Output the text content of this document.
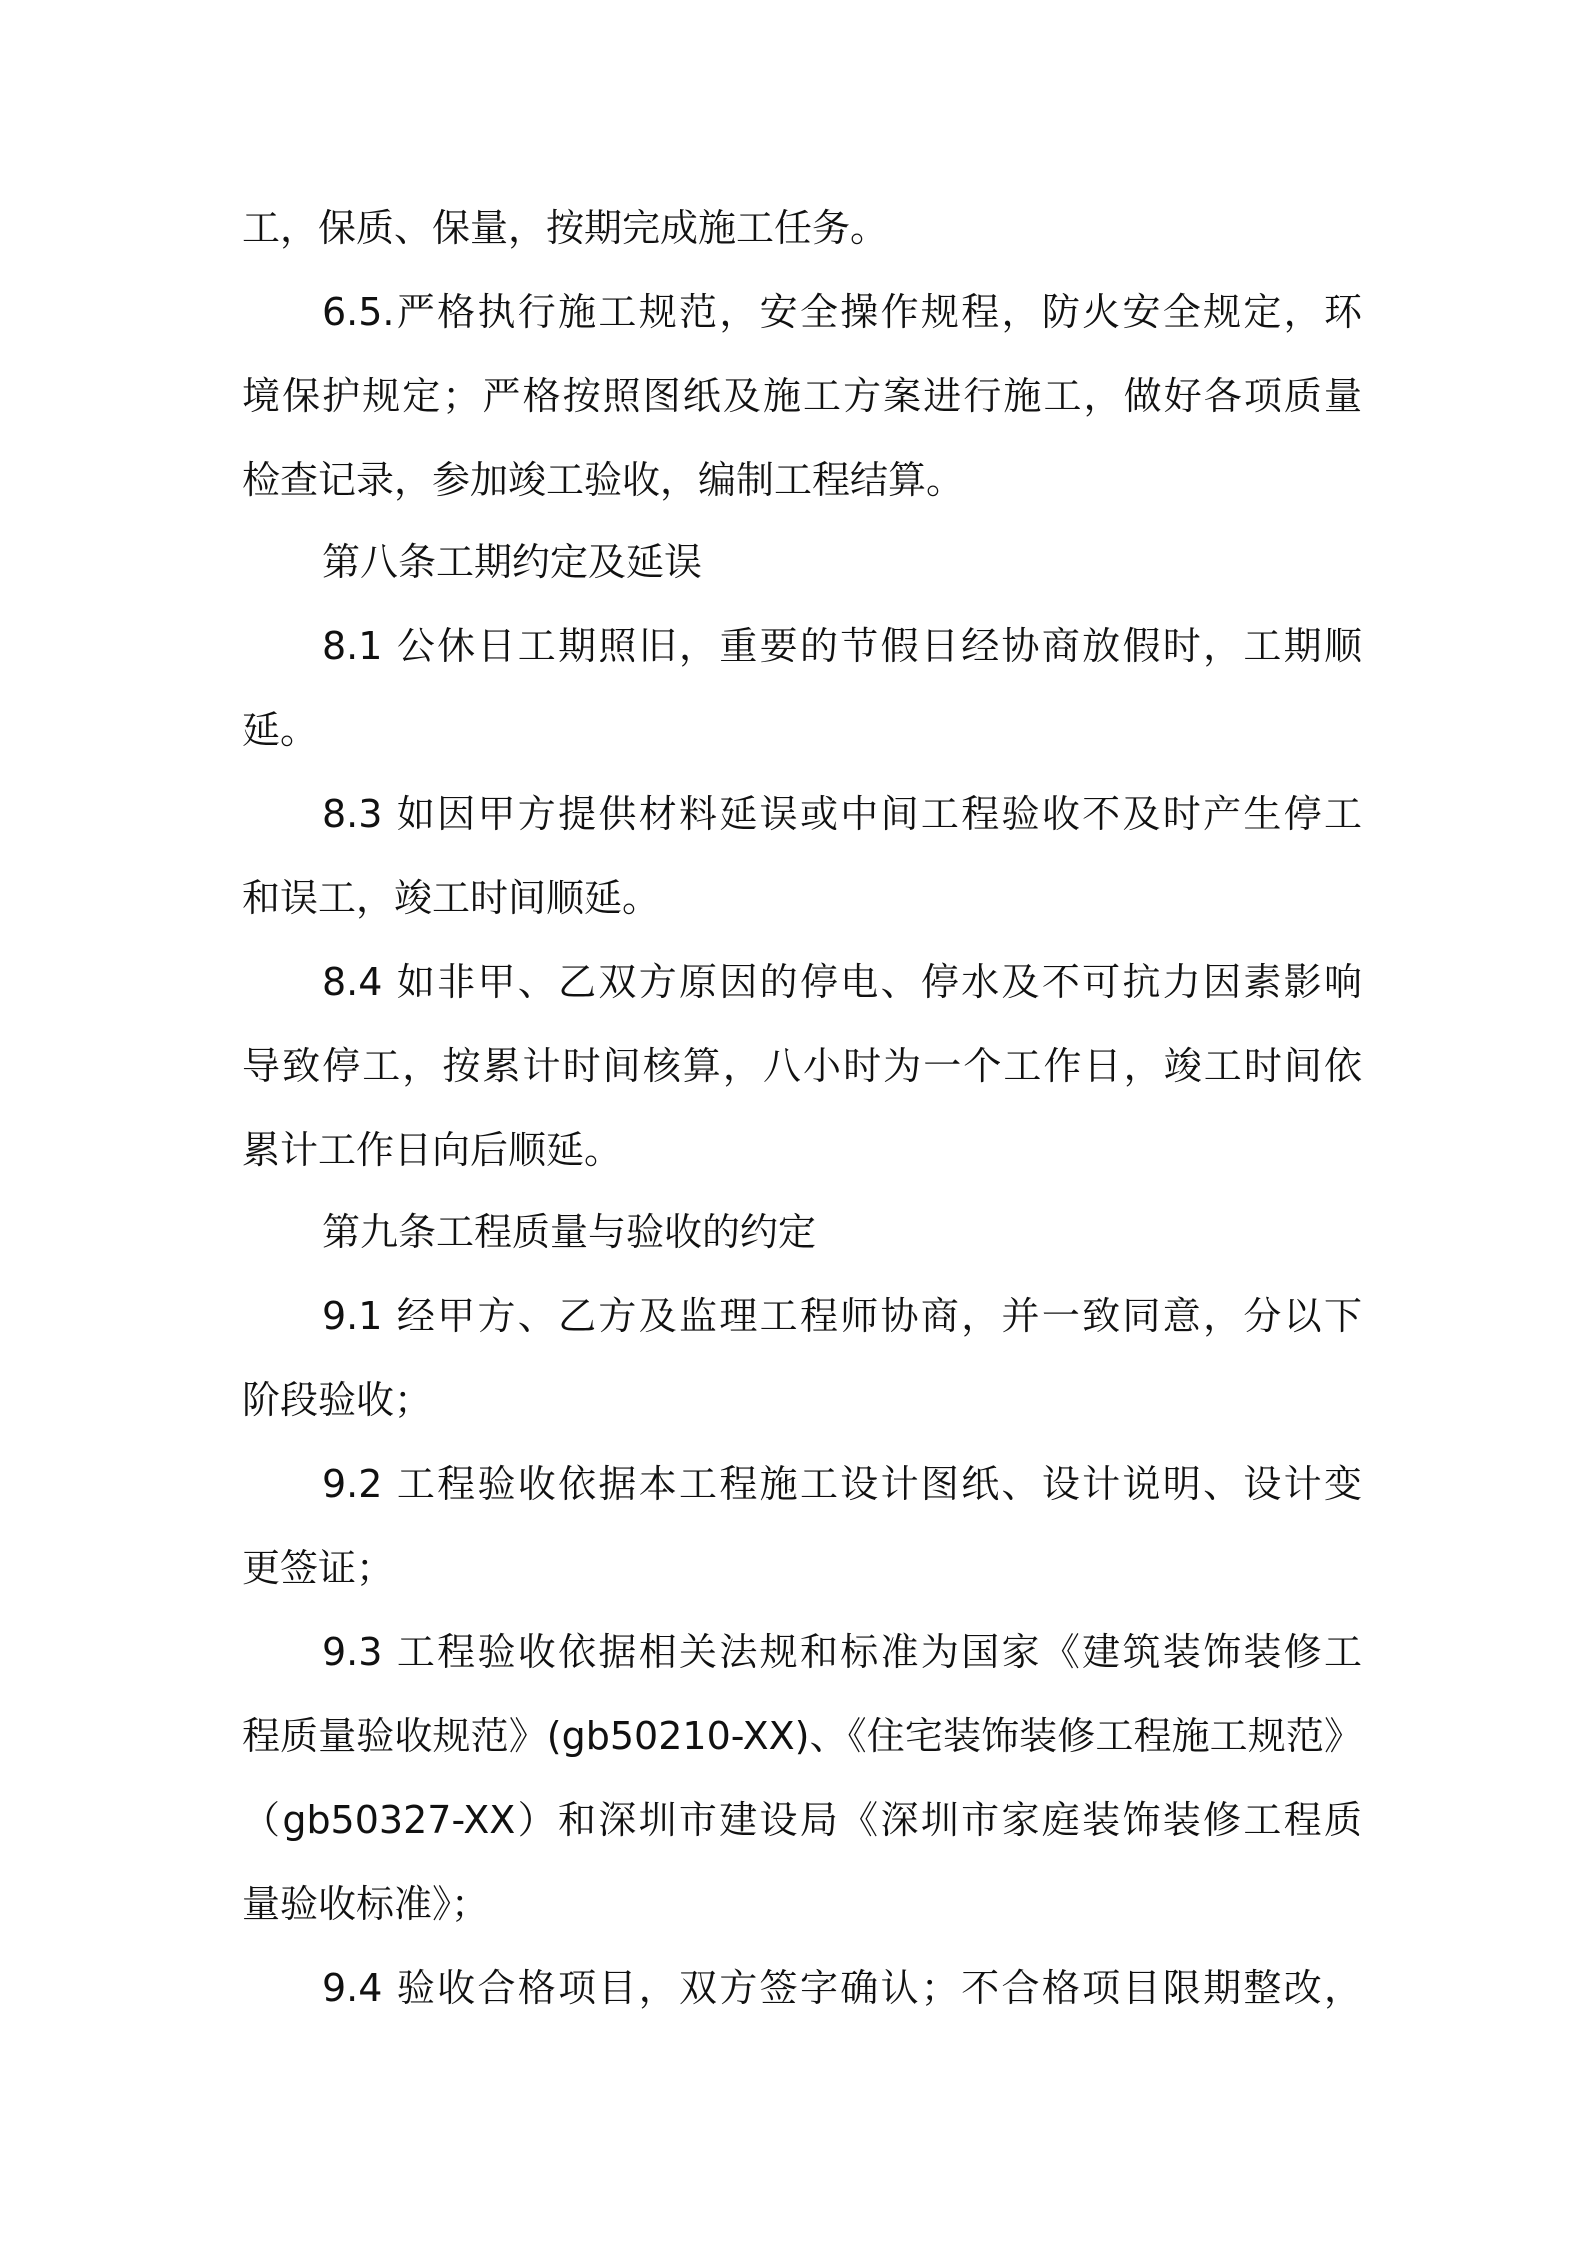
工，保质、保量，按期完成施工任务。
6.5.严格执行施工规范，安全操作规程，防火安全规定，环
境保护规定；严格按照图纸及施工方案进行施工，做好各项质量
检查记录，参加竣工验收，编制工程结算。
第八条工期约定及延误
8.1 公休日工期照旧，重要的节假日经协商放假时，工期顺
延。
8.3 如因甲方提供材料延误或中间工程验收不及时产生停工
和误工，竣工时间顺延。
8.4 如非甲、乙双方原因的停电、停水及不可抗力因素影响
导致停工，按累计时间核算，八小时为一个工作日，竣工时间依
累计工作日向后顺延。
第九条工程质量与验收的约定
9.1 经甲方、乙方及监理工程师协商，并一致同意，分以下
阶段验收；
9.2 工程验收依据本工程施工设计图纸、设计说明、设计变
更签证；
9.3 工程验收依据相关法规和标准为国家《建筑装饰装修工
程质量验收规范》(gb50210-XX)、《住宅装饰装修工程施工规范》
（gb50327-XX）和深圳市建设局《深圳市家庭装饰装修工程质
量验收标准》；
9.4 验收合格项目，双方签字确认；不合格项目限期整改，
